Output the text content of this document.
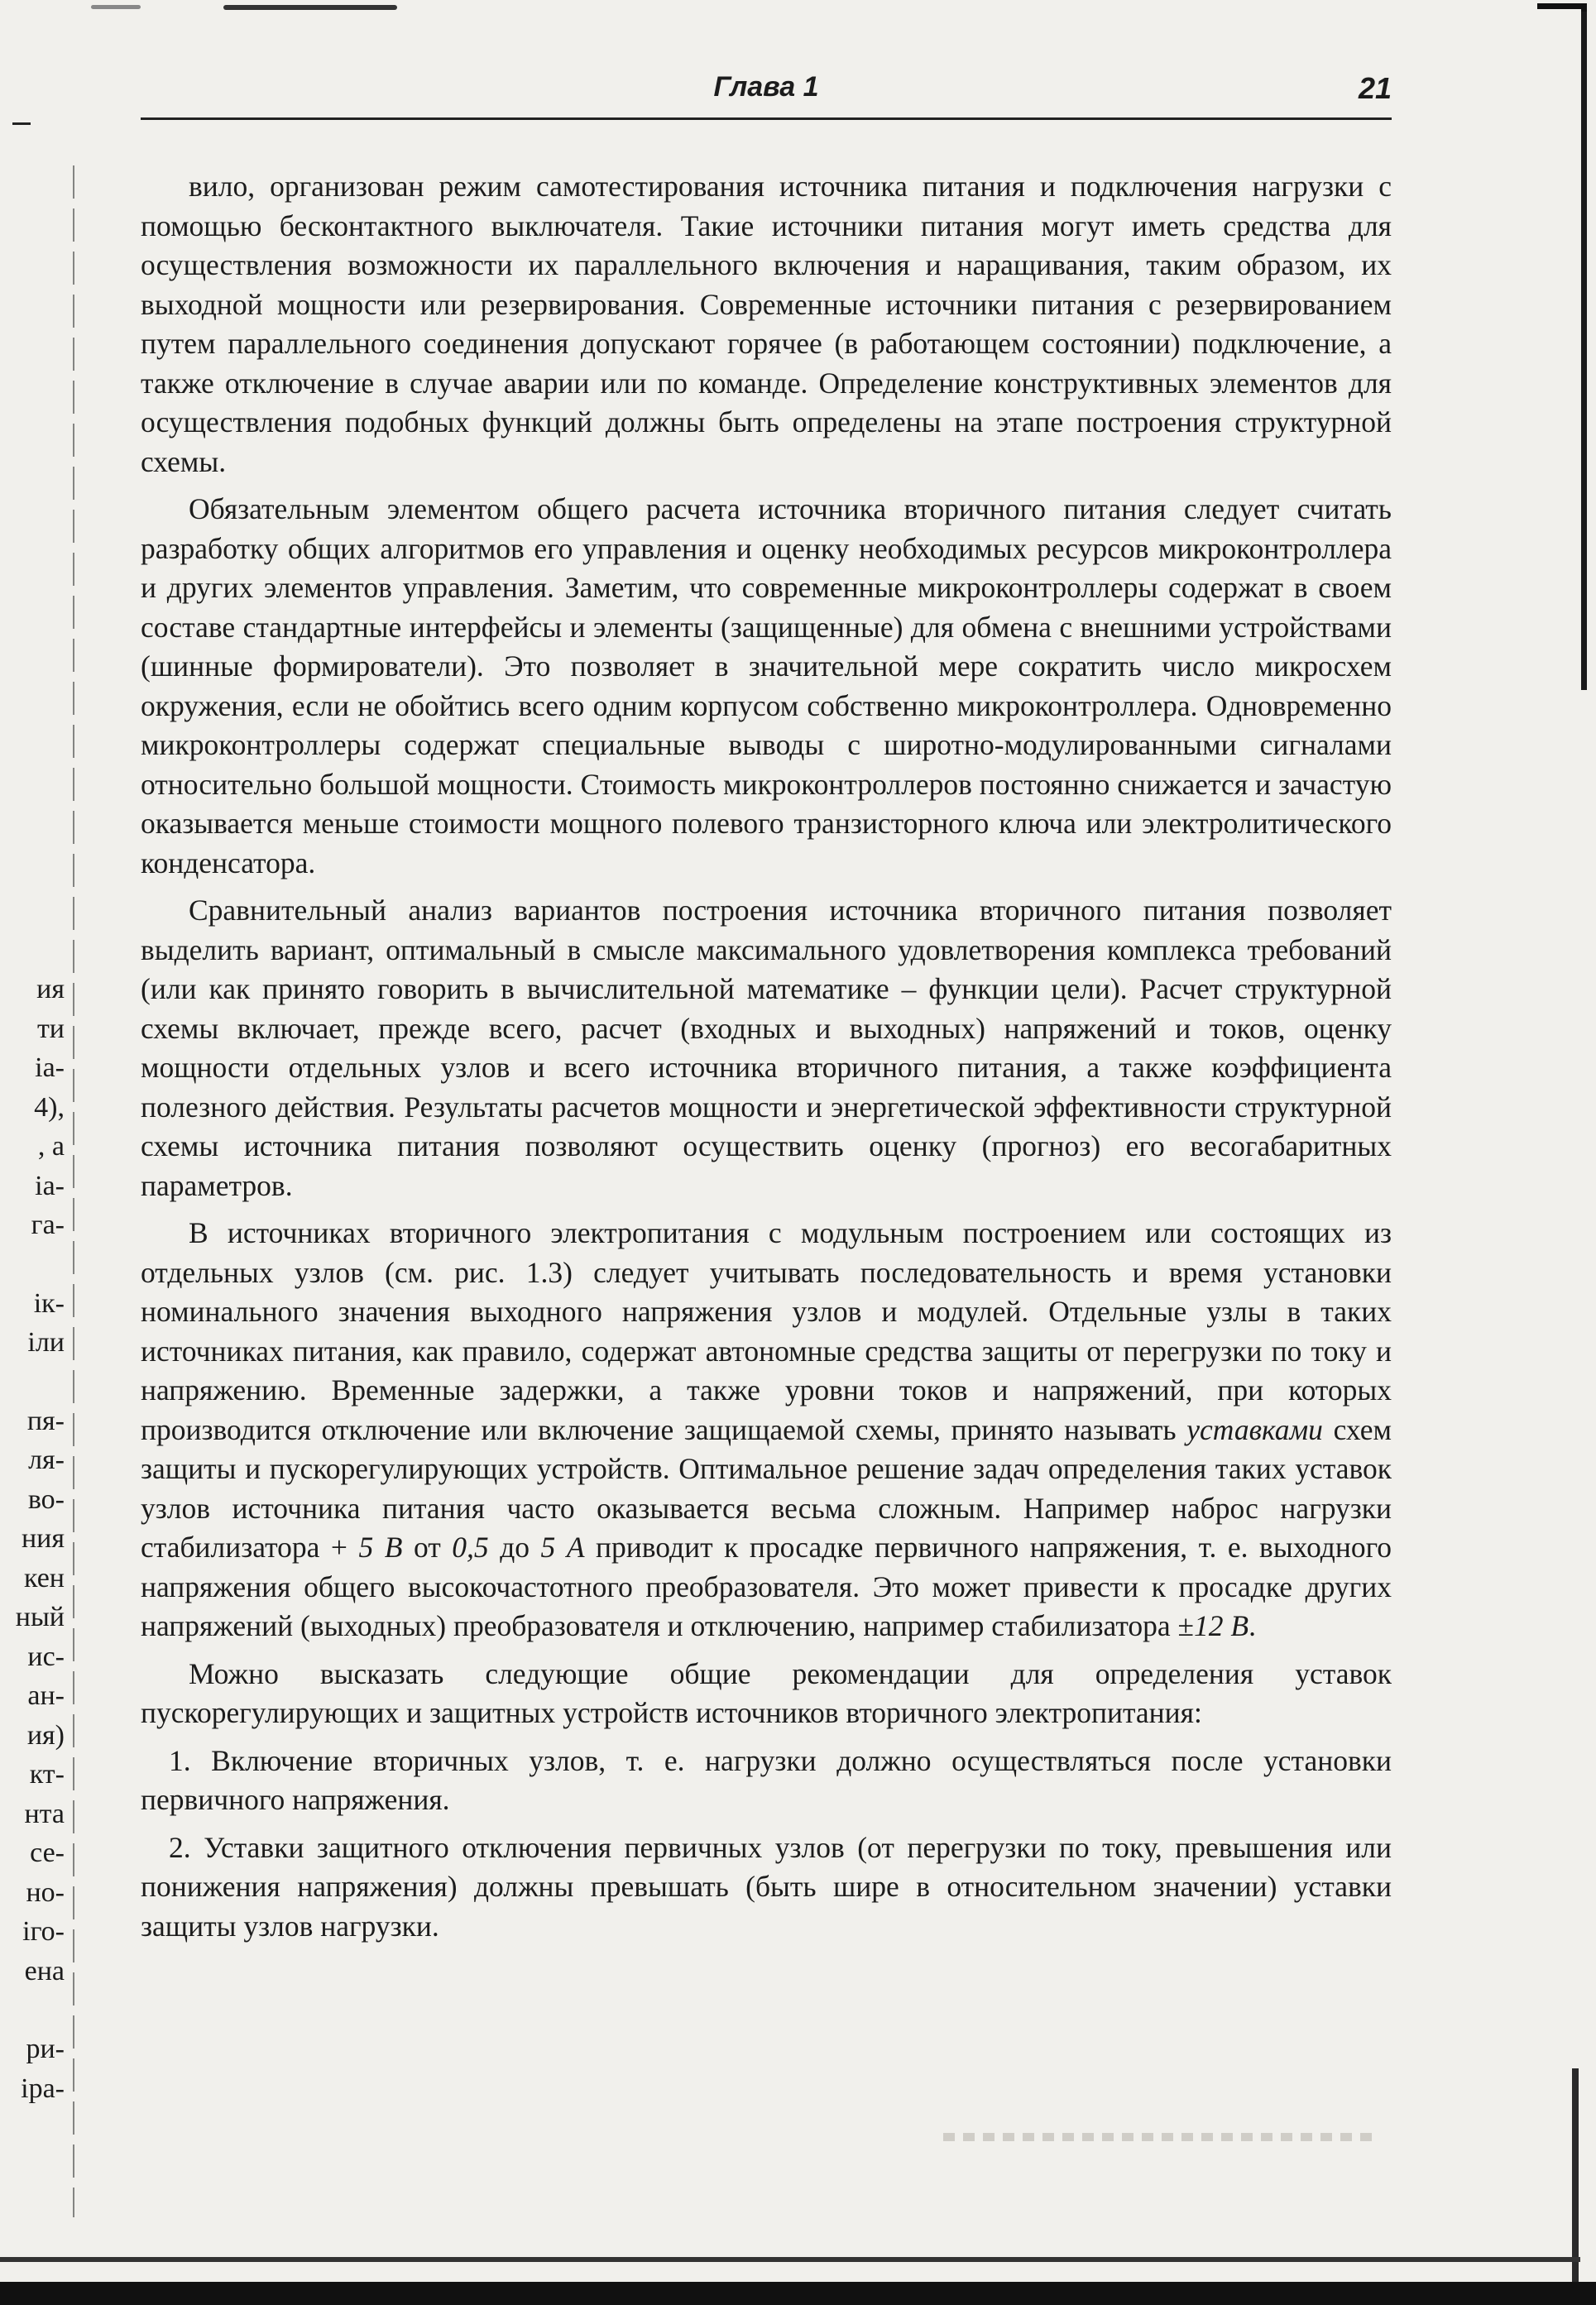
Глава 1	21
ия
ти
іа-
4),
, а
іа-
га-
ік-
іли
пя-
ля-
во-
ния
кен
ный
ис-
ан-
ия)
кт-
нта
се-
но-
іго-
ена
ри-
іра-

вило, организован режим самотестирования источника питания и подключения нагрузки с помощью бесконтактного выключателя. Такие источники питания могут иметь средства для осуществления возможности их параллельного включения и наращивания, таким образом, их выходной мощности или резервирования. Современные источники питания с резервированием путем параллельного соединения допускают горячее (в работающем состоянии) подключение, а также отключение в случае аварии или по команде. Определение конструктивных элементов для осуществления подобных функций должны быть определены на этапе построения структурной схемы.

Обязательным элементом общего расчета источника вторичного питания следует считать разработку общих алгоритмов его управления и оценку необходимых ресурсов микроконтроллера и других элементов управления. Заметим, что современные микроконтроллеры содержат в своем составе стандартные интерфейсы и элементы (защищенные) для обмена с внешними устройствами (шинные формирователи). Это позволяет в значительной мере сократить число микросхем окружения, если не обойтись всего одним корпусом собственно микроконтроллера. Одновременно микроконтроллеры содержат специальные выводы с широтно-модулированными сигналами относительно большой мощности. Стоимость микроконтроллеров постоянно снижается и зачастую оказывается меньше стоимости мощного полевого транзисторного ключа или электролитического конденсатора.

Сравнительный анализ вариантов построения источника вторичного питания позволяет выделить вариант, оптимальный в смысле максимального удовлетворения комплекса требований (или как принято говорить в вычислительной математике – функции цели). Расчет структурной схемы включает, прежде всего, расчет (входных и выходных) напряжений и токов, оценку мощности отдельных узлов и всего источника вторичного питания, а также коэффициента полезного действия. Результаты расчетов мощности и энергетической эффективности структурной схемы источника питания позволяют осуществить оценку (прогноз) его весогабаритных параметров.

В источниках вторичного электропитания с модульным построением или состоящих из отдельных узлов (см. рис. 1.3) следует учитывать последовательность и время установки номинального значения выходного напряжения узлов и модулей. Отдельные узлы в таких источниках питания, как правило, содержат автономные средства защиты от перегрузки по току и напряжению. Временные задержки, а также уровни токов и напряжений, при которых производится отключение или включение защищаемой схемы, принято называть уставками схем защиты и пускорегулирующих устройств. Оптимальное решение задач определения таких уставок узлов источника питания часто оказывается весьма сложным. Например наброс нагрузки стабилизатора + 5 В от 0,5 до 5 А приводит к просадке первичного напряжения, т. е. выходного напряжения общего высокочастотного преобразователя. Это может привести к просадке других напряжений (выходных) преобразователя и отключению, например стабилизатора ±12 В.

Можно высказать следующие общие рекомендации для определения уставок пускорегулирующих и защитных устройств источников вторичного электропитания:

1. Включение вторичных узлов, т. е. нагрузки должно осуществляться после установки первичного напряжения.

2. Уставки защитного отключения первичных узлов (от перегрузки по току, превышения или понижения напряжения) должны превышать (быть шире в относительном значении) уставки защиты узлов нагрузки.
